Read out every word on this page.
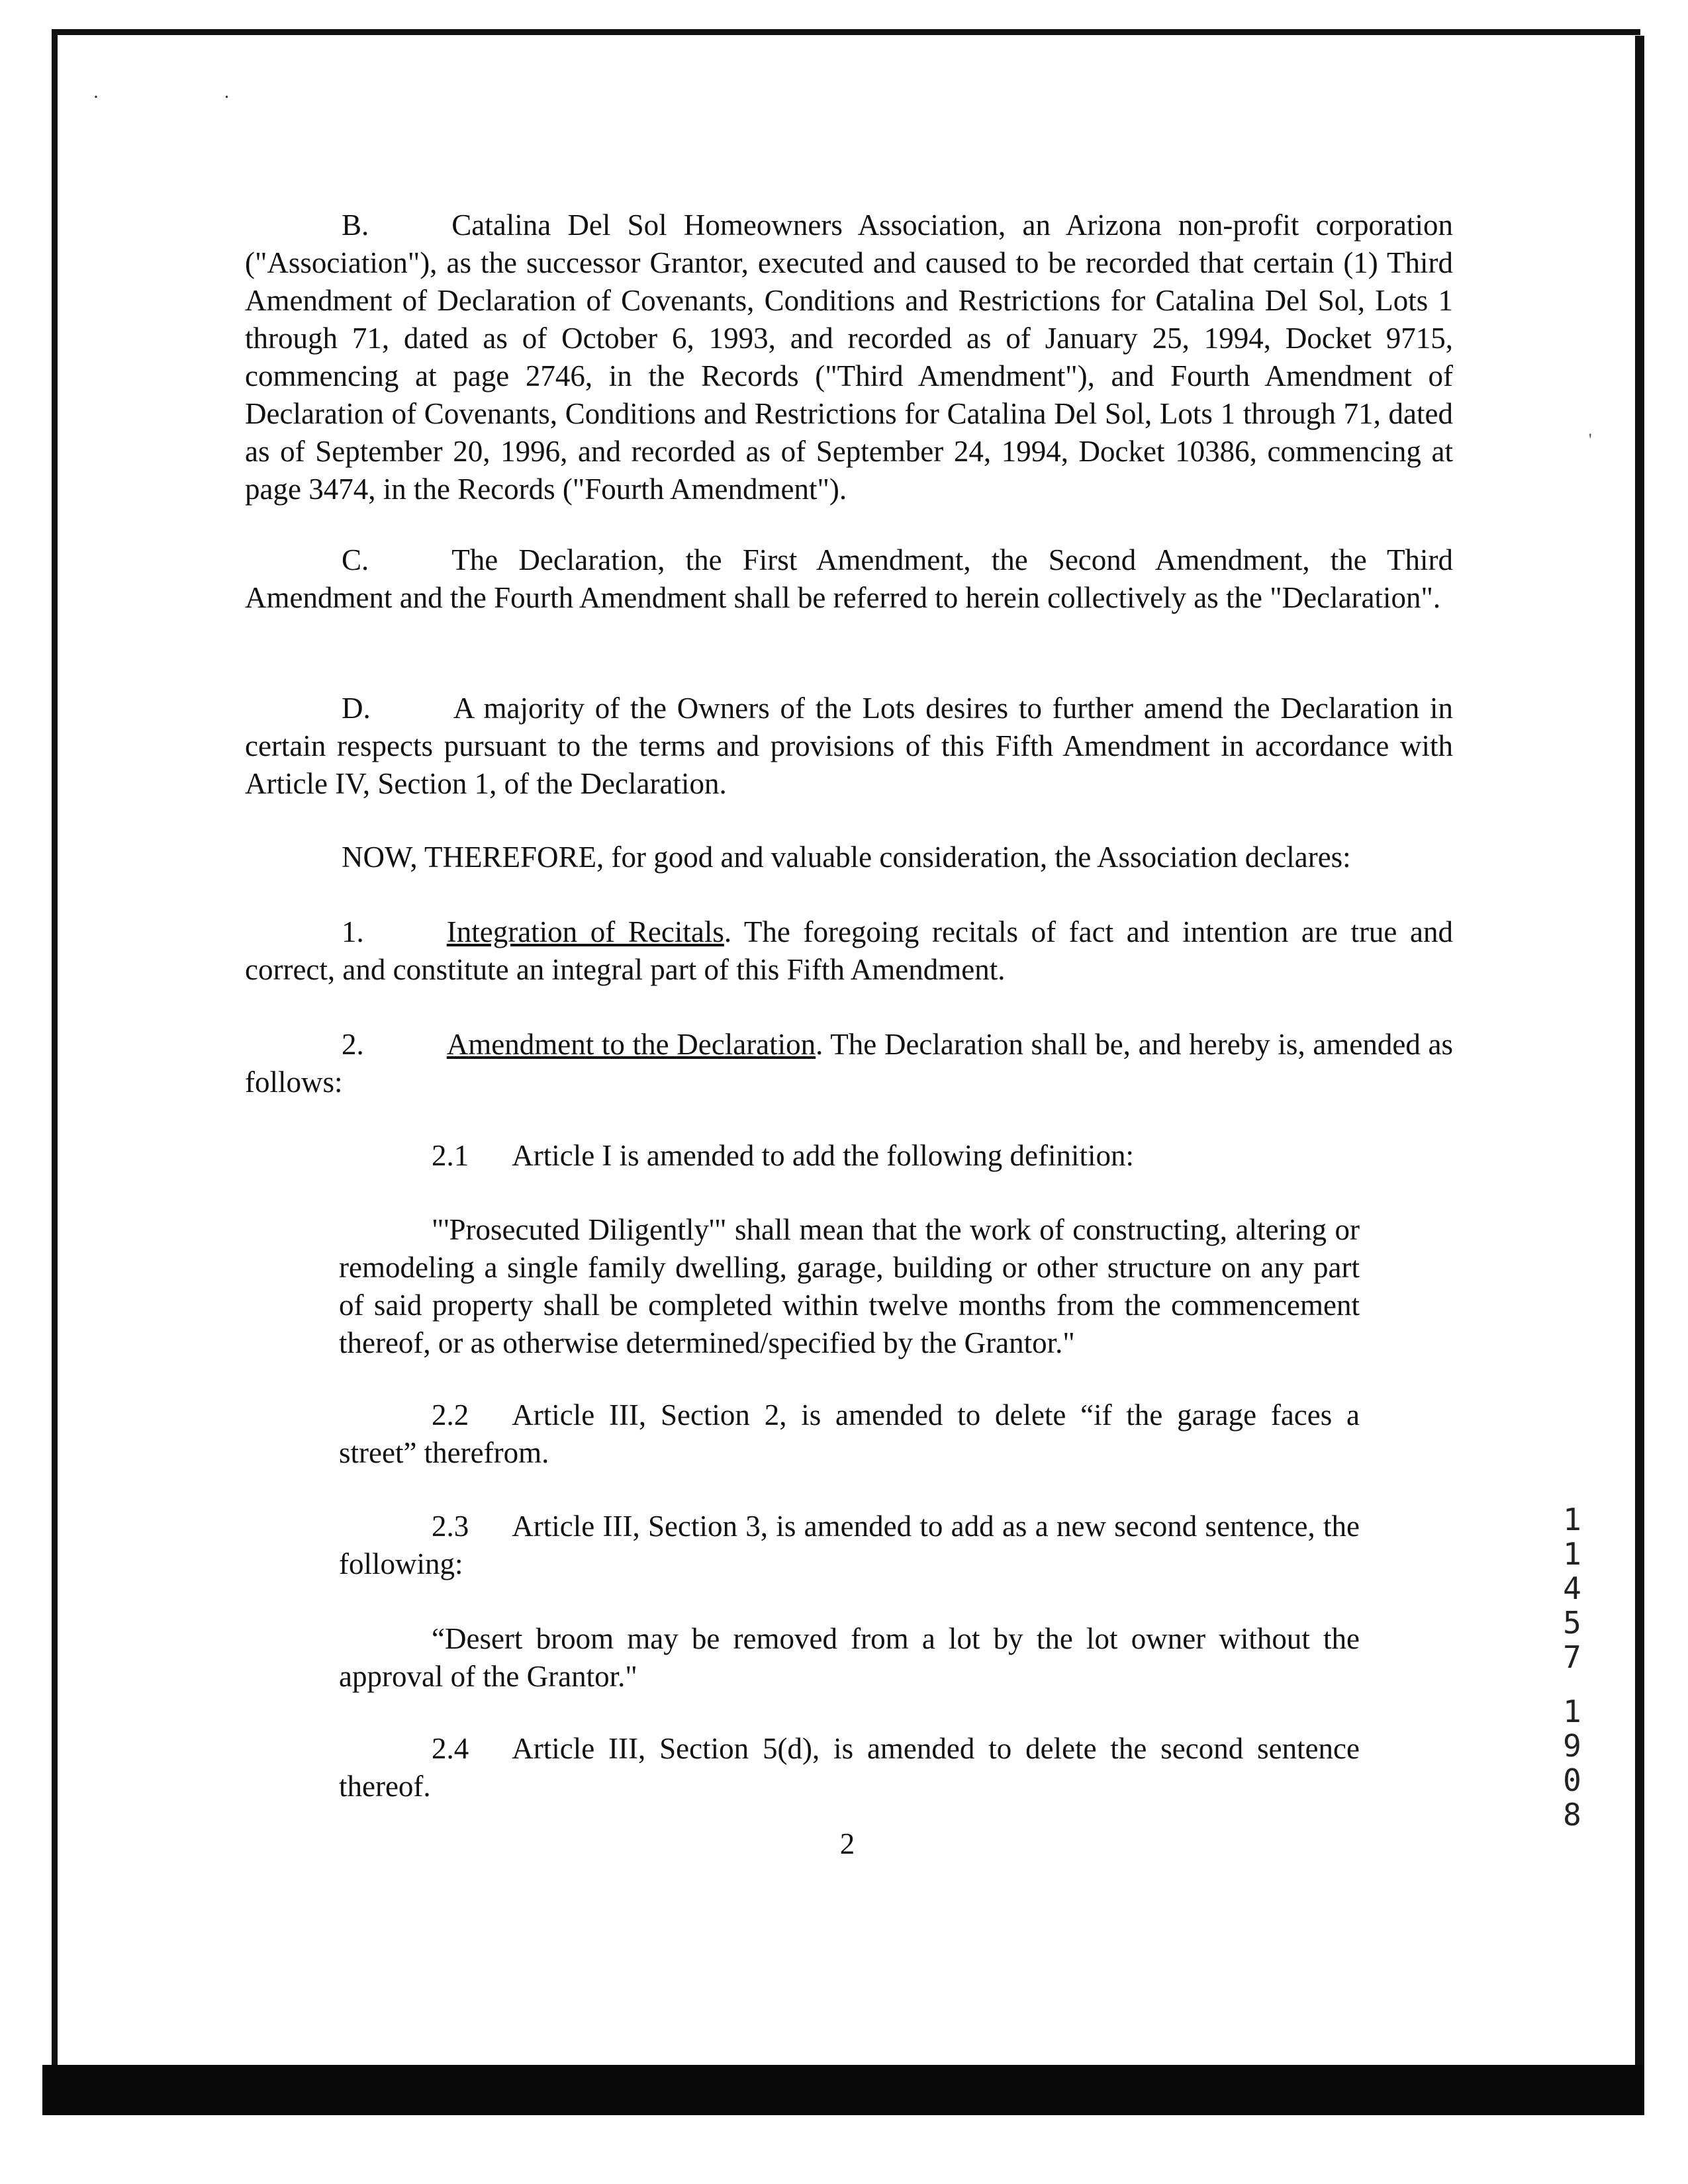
· ·
'

B.	Catalina Del Sol Homeowners Association, an Arizona non-profit corporation ("Association"), as the successor Grantor, executed and caused to be recorded that certain (1) Third Amendment of Declaration of Covenants, Conditions and Restrictions for Catalina Del Sol, Lots 1 through 71, dated as of October 6, 1993, and recorded as of January 25, 1994, Docket 9715, commencing at page 2746, in the Records ("Third Amendment"), and Fourth Amendment of Declaration of Covenants, Conditions and Restrictions for Catalina Del Sol, Lots 1 through 71, dated as of September 20, 1996, and recorded as of September 24, 1994, Docket 10386, commencing at page 3474, in the Records ("Fourth Amendment").

C.	The Declaration, the First Amendment, the Second Amendment, the Third Amendment and the Fourth Amendment shall be referred to herein collectively as the "Declaration".

D.	A majority of the Owners of the Lots desires to further amend the Declaration in certain respects pursuant to the terms and provisions of this Fifth Amendment in accordance with Article IV, Section 1, of the Declaration.

NOW, THEREFORE, for good and valuable consideration, the Association declares:

1.	Integration of Recitals. The foregoing recitals of fact and intention are true and correct, and constitute an integral part of this Fifth Amendment.

2.	Amendment to the Declaration. The Declaration shall be, and hereby is, amended as follows:

2.1 Article I is amended to add the following definition:

"'Prosecuted Diligently'" shall mean that the work of constructing, altering or remodeling a single family dwelling, garage, building or other structure on any part of said property shall be completed within twelve months from the commencement thereof, or as otherwise determined/specified by the Grantor."

2.2 Article III, Section 2, is amended to delete “if the garage faces a street” therefrom.

2.3 Article III, Section 3, is amended to add as a new second sentence, the following:

“Desert broom may be removed from a lot by the lot owner without the approval of the Grantor."

2.4 Article III, Section 5(d), is amended to delete the second sentence thereof.

2
1
1
4
5
7
1
9
0
8
